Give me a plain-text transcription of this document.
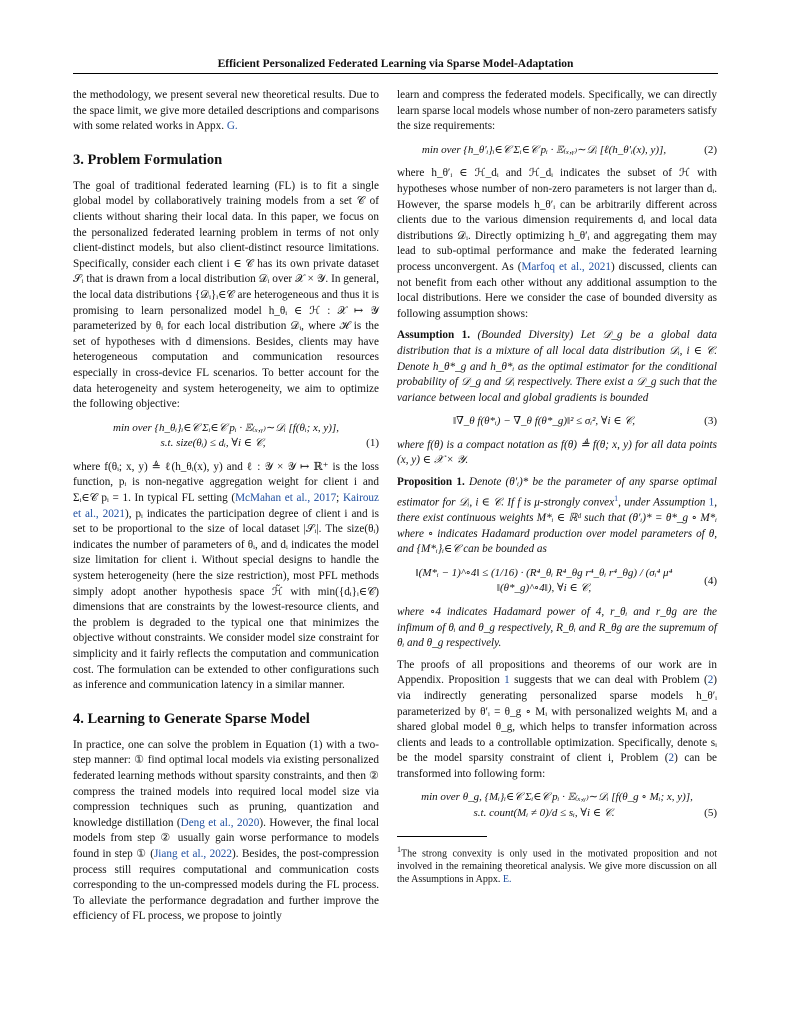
Efficient Personalized Federated Learning via Sparse Model-Adaptation

the methodology, we present several new theoretical results. Due to the space limit, we give more detailed descriptions and comparisons with some related works in Appx. G.

3. Problem Formulation

The goal of traditional federated learning (FL) is to fit a single global model by collaboratively training models from a set 𝒞 of clients without sharing their local data. In this paper, we focus on the personalized federated learning problem in terms of not only client-distinct models, but also client-distinct resource limitations. Specifically, consider each client i ∈ 𝒞 has its own private dataset 𝒮ᵢ that is drawn from a local distribution 𝒟ᵢ over 𝒳 × 𝒴. In general, the local data distributions {𝒟ᵢ}ᵢ∈𝒞 are heterogeneous and thus it is promising to learn personalized model h_θᵢ ∈ ℋ : 𝒳 ↦ 𝒴 parameterized by θᵢ for each local distribution 𝒟ᵢ, where ℋ is the set of hypotheses with d dimensions. Besides, clients may have heterogeneous computation and communication resources especially in cross-device FL scenarios. To better account for the data heterogeneity and system heterogeneity, we aim to optimize the following objective:

min over {h_θᵢ}ᵢ∈𝒞 Σᵢ∈𝒞 pᵢ · 𝔼₍ₓ,ᵧ₎∼𝒟ᵢ [f(θᵢ; x, y)],
s.t. size(θᵢ) ≤ dᵢ, ∀i ∈ 𝒞,	(1)

where f(θᵢ; x, y) ≜ ℓ(h_θᵢ(x), y) and ℓ : 𝒴 × 𝒴 ↦ ℝ⁺ is the loss function, pᵢ is non-negative aggregation weight for client i and Σᵢ∈𝒞 pᵢ = 1. In typical FL setting (McMahan et al., 2017; Kairouz et al., 2021), pᵢ indicates the participation degree of client i and is set to be proportional to the size of local dataset |𝒮ᵢ|. The size(θᵢ) indicates the number of parameters of θᵢ, and dᵢ indicates the model size limitation for client i. Without special designs to handle the system heterogeneity (here the size restriction), most PFL methods simply adopt another hypothesis space ℋ̃ with min({dᵢ}ᵢ∈𝒞) dimensions that are constraints by the lowest-resource clients, and the problem is degraded to the typical one that minimizes the objective without constraints. We consider model size constraint for simplicity and it fairly reflects the computation and communication cost. The formulation can be extended to other configurations such as inference and communication latency in a similar manner.

4. Learning to Generate Sparse Model

In practice, one can solve the problem in Equation (1) with a two-step manner: ① find optimal local models via existing personalized federated learning methods without sparsity constraints, and then ② compress the trained models into required local model size via compression techniques such as pruning, quantization and knowledge distillation (Deng et al., 2020). However, the final local models from step ② usually gain worse performance to models found in step ① (Jiang et al., 2022). Besides, the post-compression process still requires computational and communication costs corresponding to the un-compressed models during the FL process. To alleviate the performance degradation and further improve the efficiency of FL process, we propose to jointly

learn and compress the federated models. Specifically, we can directly learn sparse local models whose number of non-zero parameters satisfy the size requirements:

min over {h_θ′ᵢ}ᵢ∈𝒞 Σᵢ∈𝒞 pᵢ · 𝔼₍ₓ,ᵧ₎∼𝒟ᵢ [ℓ(h_θ′ᵢ(x), y)],	(2)

where h_θ′ᵢ ∈ ℋ_dᵢ and ℋ_dᵢ indicates the subset of ℋ with hypotheses whose number of non-zero parameters is not larger than dᵢ. However, the sparse models h_θ′ᵢ can be arbitrarily different across clients due to the various dimension requirements dᵢ and local data distributions 𝒟ᵢ. Directly optimizing h_θ′ᵢ and aggregating them may lead to sub-optimal performance and make the federated learning process unconvergent. As (Marfoq et al., 2021) discussed, clients can not benefit from each other without any additional assumption to the local distributions. Here we consider the case of bounded diversity as following assumption shows:

Assumption 1. (Bounded Diversity) Let 𝒟_g be a global data distribution that is a mixture of all local data distribution 𝒟ᵢ, i ∈ 𝒞. Denote h_θ*_g and h_θ*ᵢ as the optimal estimator for the conditional probability of 𝒟_g and 𝒟ᵢ respectively. There exist a 𝒟_g such that the variance between local and global gradients is bounded

‖∇_θ f(θ*ᵢ) − ∇_θ f(θ*_g)‖² ≤ σᵢ², ∀i ∈ 𝒞,	(3)

where f(θ) is a compact notation as f(θ) ≜ f(θ; x, y) for all data points (x, y) ∈ 𝒳 × 𝒴.

Proposition 1. Denote (θ′ᵢ)* be the parameter of any sparse optimal estimator for 𝒟ᵢ, i ∈ 𝒞. If f is μ-strongly convex$^1$, under Assumption 1, there exist continuous weights M*ᵢ ∈ ℝᵈ such that (θ′ᵢ)* = θ*_g ∘ M*ᵢ where ∘ indicates Hadamard production over model parameters of θ, and {M*ᵢ}ᵢ∈𝒞 can be bounded as

‖(M*ᵢ − 1)^∘4‖ ≤ (1/16) · (R⁴_θᵢ R⁴_θg r⁴_θᵢ r⁴_θg) / (σᵢ⁴ μ⁴ ‖(θ*_g)^∘4‖), ∀i ∈ 𝒞,
(4)

where ∘4 indicates Hadamard power of 4, r_θᵢ and r_θg are the infimum of θᵢ and θ_g respectively, R_θᵢ and R_θg are the supremum of θᵢ and θ_g respectively.

The proofs of all propositions and theorems of our work are in Appendix. Proposition 1 suggests that we can deal with Problem (2) via indirectly generating personalized sparse models h_θ′ᵢ parameterized by θ′ᵢ = θ_g ∘ Mᵢ with personalized weights Mᵢ and a shared global model θ_g, which helps to transfer information across clients and leads to a controllable optimization. Specifically, denote sᵢ be the model sparsity constraint of client i, Problem (2) can be transformed into following form:

min over θ_g, {Mᵢ}ᵢ∈𝒞 Σᵢ∈𝒞 pᵢ · 𝔼₍ₓ,ᵧ₎∼𝒟ᵢ [f(θ_g ∘ Mᵢ; x, y)],
s.t. count(Mᵢ ≠ 0)/d ≤ sᵢ, ∀i ∈ 𝒞.	(5)

$^1$The strong convexity is only used in the motivated proposition and not involved in the remaining theoretical analysis. We give more discussion on all the Assumptions in Appx. E.
